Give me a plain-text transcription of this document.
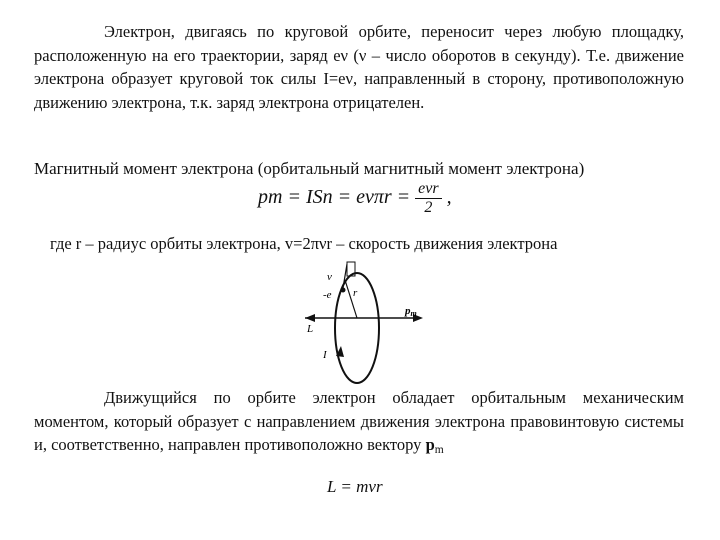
Электрон, двигаясь по круговой орбите, переносит через любую площадку, расположенную на его траектории, заряд eν (ν – число оборотов в секунду). Т.е. движение электрона образует круговой ток силы I=eν, направленный в сторону, противоположную движению электрона, т.к. заряд электрона отрицателен.

Магнитный момент электрона (орбитальный магнитный момент электрона)

pm = ISn = $e\nu\pi r = \frac{\text{eνr}}{2}$ ,

где r – радиус орбиты электрона, v=2πνr – скорость движения электрона

v
-e r
L
pm
I

Движущийся по орбите электрон обладает орбитальным механическим моментом, который образует с направлением движения электрона правовинтовую системы и, соответственно, направлен противоположно вектору $p_m$

L = mvr
